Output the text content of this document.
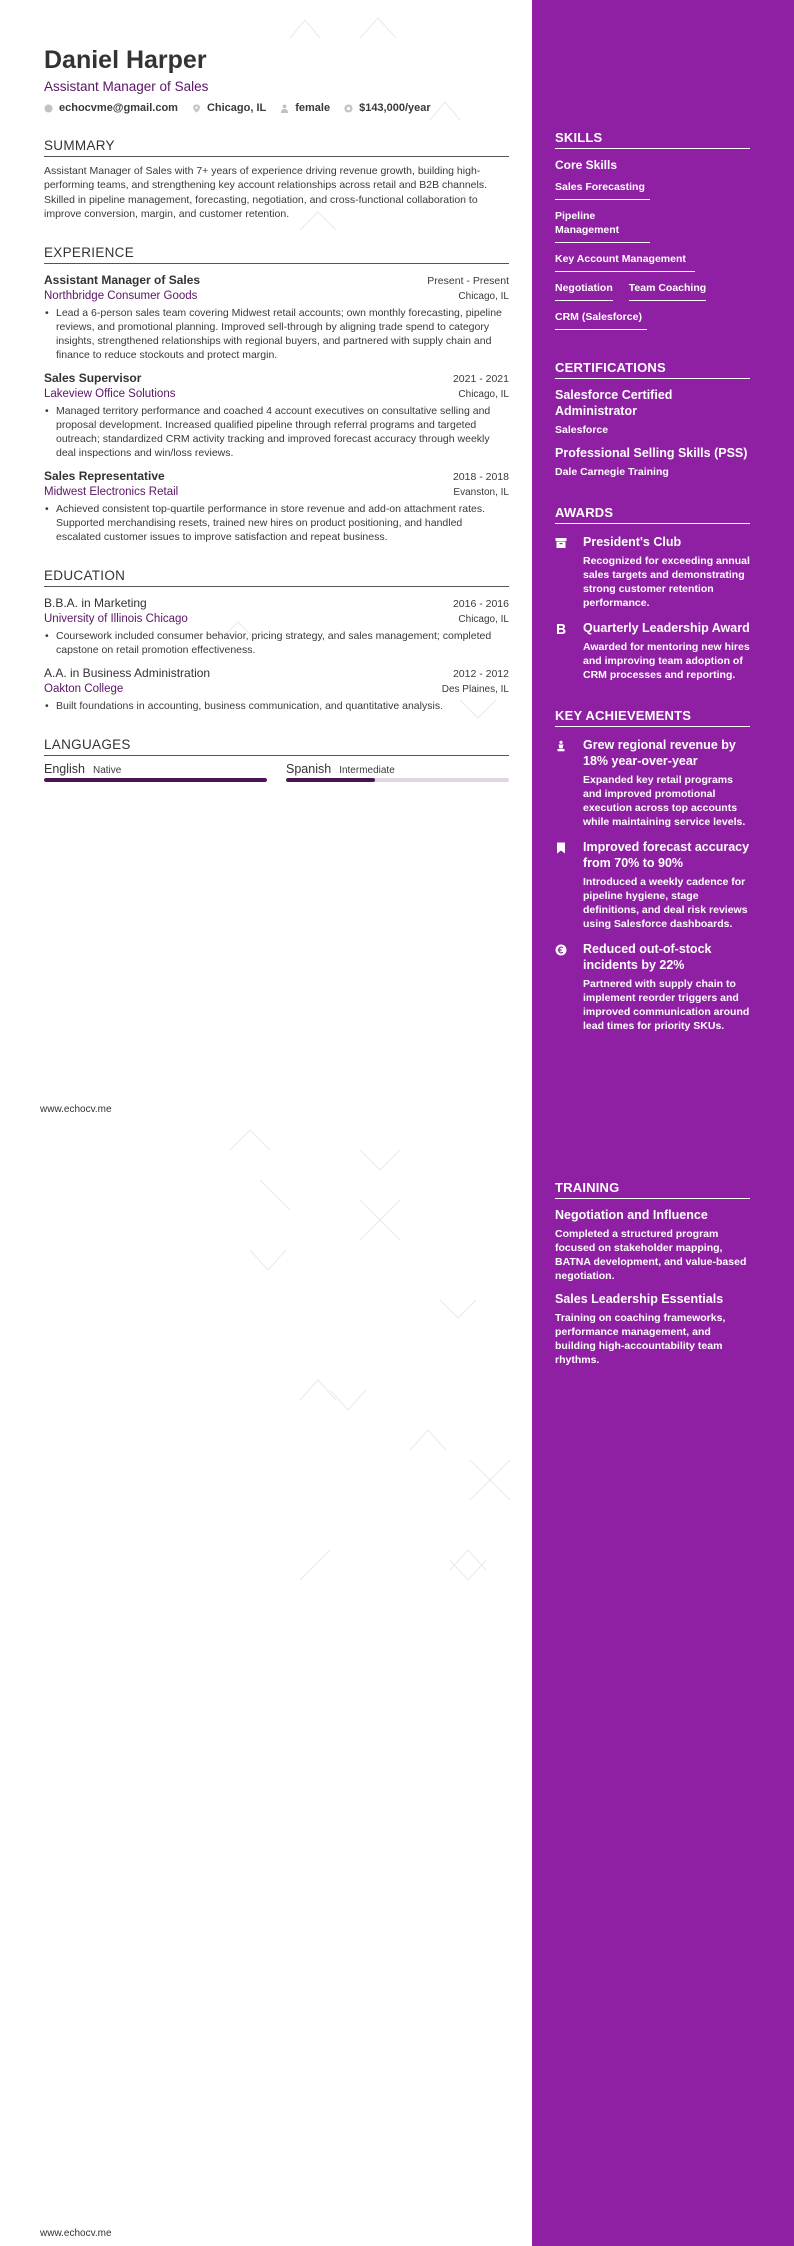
Daniel Harper
Assistant Manager of Sales
echocvme@gmail.com	Chicago, IL	female	$143,000/year
SUMMARY

Assistant Manager of Sales with 7+ years of experience driving revenue growth, building high-performing teams, and strengthening key account relationships across retail and B2B channels.

Skilled in pipeline management, forecasting, negotiation, and cross-functional collaboration to improve conversion, margin, and customer retention.

EXPERIENCE
Assistant Manager of Sales	Present - Present
Northbridge Consumer Goods	Chicago, IL
• Lead a 6-person sales team covering Midwest retail accounts; own monthly forecasting, pipeline reviews, and promotional planning. Improved sell-through by aligning trade spend to category insights, strengthened relationships with regional buyers, and partnered with supply chain and finance to reduce stockouts and protect margin.
Sales Supervisor	2021 - 2021
Lakeview Office Solutions	Chicago, IL
• Managed territory performance and coached 4 account executives on consultative selling and proposal development. Increased qualified pipeline through referral programs and targeted outreach; standardized CRM activity tracking and improved forecast accuracy through weekly deal inspections and win/loss reviews.
Sales Representative	2018 - 2018
Midwest Electronics Retail	Evanston, IL
• Achieved consistent top-quartile performance in store revenue and add-on attachment rates. Supported merchandising resets, trained new hires on product positioning, and handled escalated customer issues to improve satisfaction and repeat business.
EDUCATION
B.B.A. in Marketing	2016 - 2016
University of Illinois Chicago	Chicago, IL
• Coursework included consumer behavior, pricing strategy, and sales management; completed capstone on retail promotion effectiveness.
A.A. in Business Administration	2012 - 2012
Oakton College	Des Plaines, IL
• Built foundations in accounting, business communication, and quantitative analysis.
LANGUAGES
English Native	Spanish Intermediate
www.echocv.me
www.echocv.me
SKILLS
Core Skills
Sales Forecasting
Pipeline Management
Key Account Management
Negotiation Team Coaching
CRM (Salesforce)
CERTIFICATIONS
Salesforce Certified Administrator
Salesforce
Professional Selling Skills (PSS)
Dale Carnegie Training
AWARDS
President's Club
Recognized for exceeding annual sales targets and demonstrating strong customer retention performance.
Quarterly Leadership Award
Awarded for mentoring new hires and improving team adoption of CRM processes and reporting.
KEY ACHIEVEMENTS
Grew regional revenue by 18% year-over-year
Expanded key retail programs and improved promotional execution across top accounts while maintaining service levels.
Improved forecast accuracy from 70% to 90%
Introduced a weekly cadence for pipeline hygiene, stage definitions, and deal risk reviews using Salesforce dashboards.
Reduced out-of-stock incidents by 22%
Partnered with supply chain to implement reorder triggers and improved communication around lead times for priority SKUs.
TRAINING
Negotiation and Influence
Completed a structured program focused on stakeholder mapping, BATNA development, and value-based negotiation.
Sales Leadership Essentials
Training on coaching frameworks, performance management, and building high-accountability team rhythms.
